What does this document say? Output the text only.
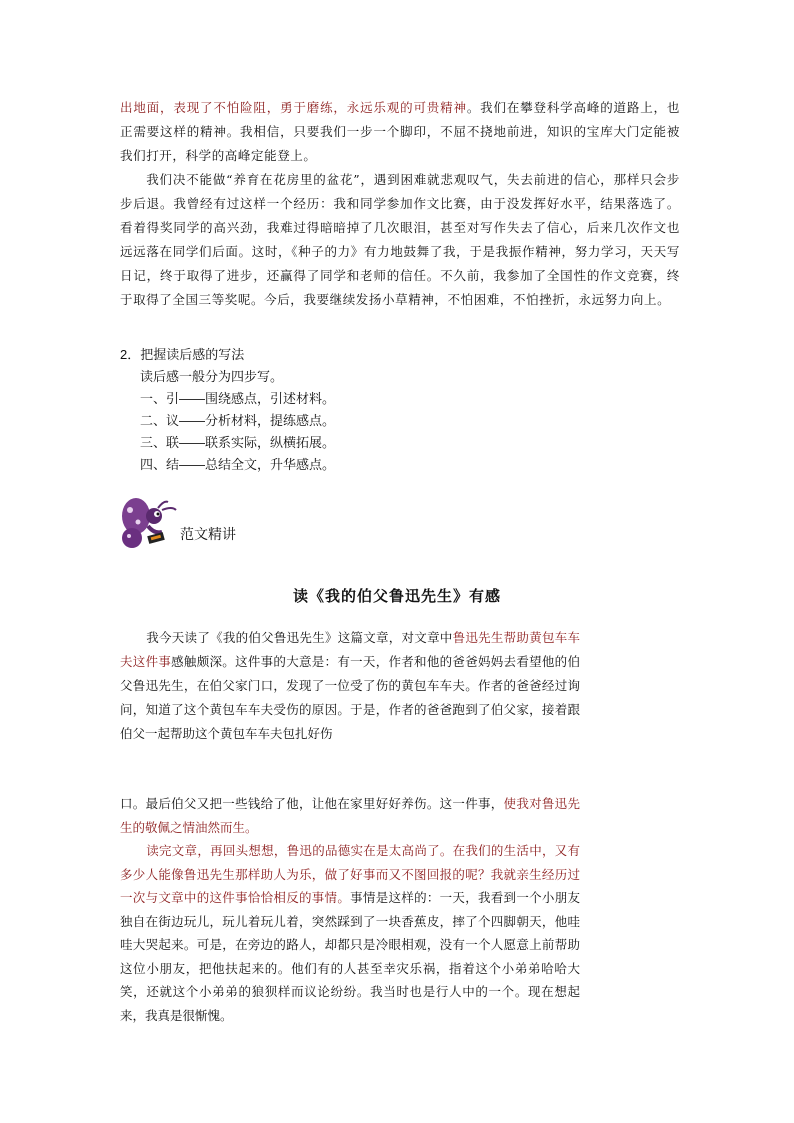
出地面，表现了不怕险阻，勇于磨练，永远乐观的可贵精神。我们在攀登科学高峰的道路上，也正需要这样的精神。我相信，只要我们一步一个脚印，不屈不挠地前进，知识的宝库大门定能被我们打开，科学的高峰定能登上。
我们决不能做“养育在花房里的盆花”，遇到困难就悲观叹气，失去前进的信心，那样只会步步后退。我曾经有过这样一个经历：我和同学参加作文比赛，由于没发挥好水平，结果落选了。看着得奖同学的高兴劲，我难过得暗暗掉了几次眼泪，甚至对写作失去了信心，后来几次作文也远远落在同学们后面。这时，《种子的力》有力地鼓舞了我，于是我振作精神，努力学习，天天写日记，终于取得了进步，还赢得了同学和老师的信任。不久前，我参加了全国性的作文竞赛，终于取得了全国三等奖呢。今后，我要继续发扬小草精神，不怕困难，不怕挫折，永远努力向上。
2．把握读后感的写法
读后感一般分为四步写。
一、引——围绕感点，引述材料。
二、议——分析材料，提练感点。
三、联——联系实际，纵横拓展。
四、结——总结全文，升华感点。
范文精讲
读《我的伯父鲁迅先生》有感
我今天读了《我的伯父鲁迅先生》这篇文章，对文章中鲁迅先生帮助黄包车车夫这件事感触颇深。这件事的大意是：有一天，作者和他的爸爸妈妈去看望他的伯父鲁迅先生，在伯父家门口，发现了一位受了伤的黄包车车夫。作者的爸爸经过询问，知道了这个黄包车车夫受伤的原因。于是，作者的爸爸跑到了伯父家，接着跟伯父一起帮助这个黄包车车夫包扎好伤
口。最后伯父又把一些钱给了他，让他在家里好好养伤。这一件事，使我对鲁迅先生的敬佩之情油然而生。
读完文章，再回头想想，鲁迅的品德实在是太高尚了。在我们的生活中，又有多少人能像鲁迅先生那样助人为乐，做了好事而又不图回报的呢？我就亲生经历过一次与文章中的这件事恰恰相反的事情。事情是这样的：一天，我看到一个小朋友独自在街边玩儿，玩儿着玩儿着，突然踩到了一块香蕉皮，摔了个四脚朝天，他哇哇大哭起来。可是，在旁边的路人，却都只是冷眼相观，没有一个人愿意上前帮助这位小朋友，把他扶起来的。他们有的人甚至幸灾乐祸，指着这个小弟弟哈哈大笑，还就这个小弟弟的狼狈样而议论纷纷。我当时也是行人中的一个。现在想起来，我真是很惭愧。
